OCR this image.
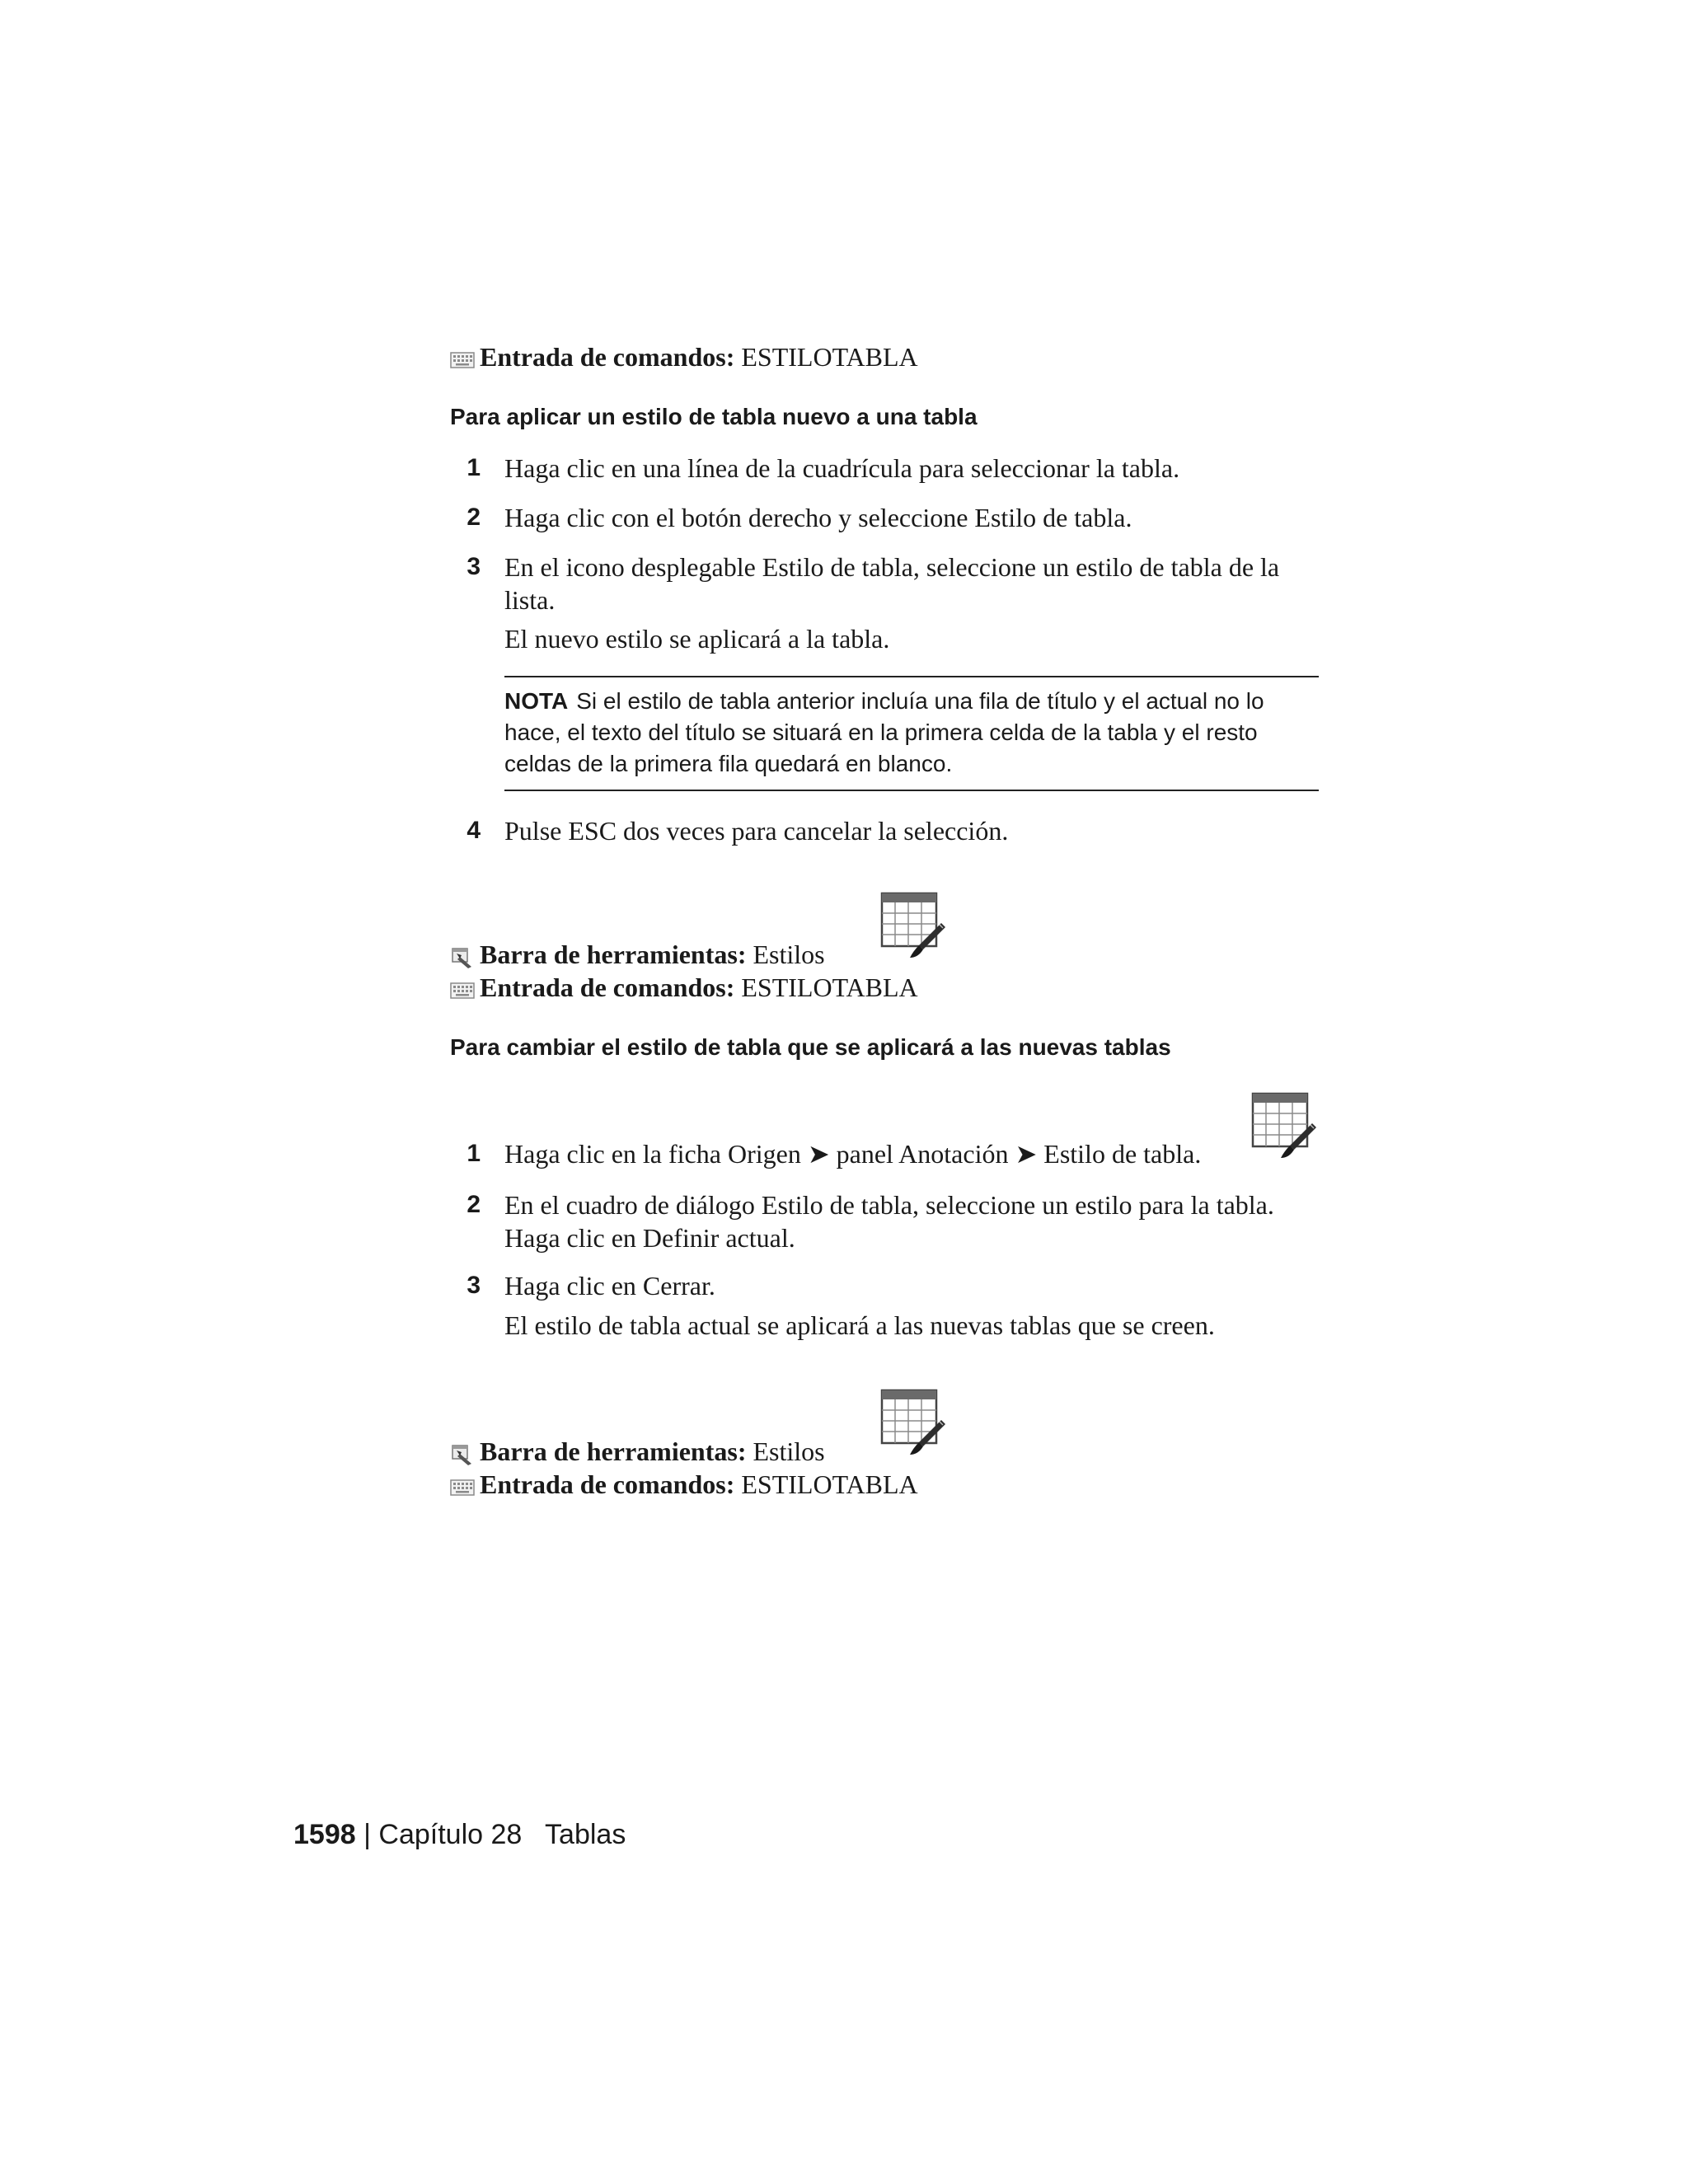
Entrada de comandos: ESTILOTABLA
Para aplicar un estilo de tabla nuevo a una tabla
1 Haga clic en una línea de la cuadrícula para seleccionar la tabla.
2 Haga clic con el botón derecho y seleccione Estilo de tabla.
3 En el icono desplegable Estilo de tabla, seleccione un estilo de tabla de la lista.
El nuevo estilo se aplicará a la tabla.
NOTA Si el estilo de tabla anterior incluía una fila de título y el actual no lo hace, el texto del título se situará en la primera celda de la tabla y el resto celdas de la primera fila quedará en blanco.
4 Pulse ESC dos veces para cancelar la selección.
Barra de herramientas: Estilos
Entrada de comandos: ESTILOTABLA
Para cambiar el estilo de tabla que se aplicará a las nuevas tablas
1 Haga clic en la ficha Origen ➤ panel Anotación ➤ Estilo de tabla.
2 En el cuadro de diálogo Estilo de tabla, seleccione un estilo para la tabla. Haga clic en Definir actual.
3 Haga clic en Cerrar.
El estilo de tabla actual se aplicará a las nuevas tablas que se creen.
Barra de herramientas: Estilos
Entrada de comandos: ESTILOTABLA
1598 | Capítulo 28 Tablas
